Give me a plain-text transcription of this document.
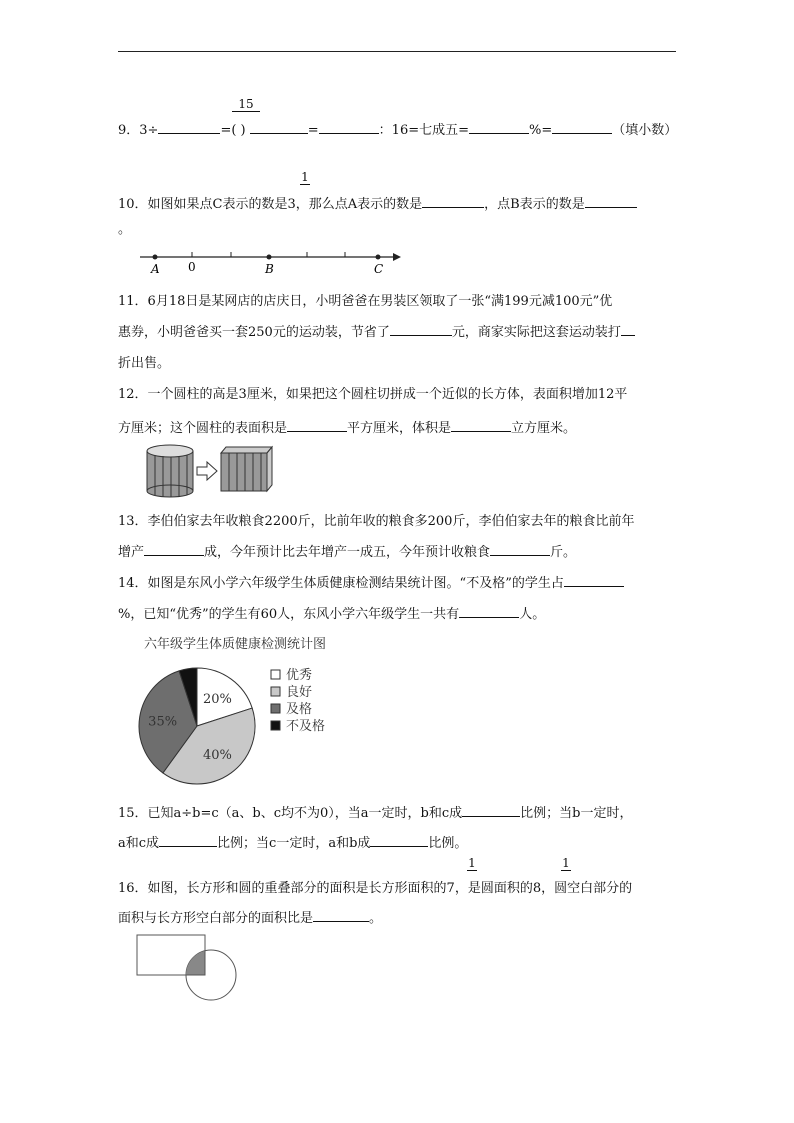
15
9．3÷	=( )	=	：16=七成五=	%=	（填小数）
1
10．如图如果点C表示的数是3，那么点A表示的数是	，点B表示的数是
。
A 0	B	C
11．6月18日是某网店的店庆日，小明爸爸在男装区领取了一张“满199元减100元”优
惠券，小明爸爸买一套250元的运动装，节省了	元，商家实际把这套运动装打
折出售。
12．一个圆柱的高是3厘米，如果把这个圆柱切拼成一个近似的长方体，表面积增加12平
方厘米；这个圆柱的表面积是	平方厘米，体积是	立方厘米。
13．李伯伯家去年收粮食2200斤，比前年收的粮食多200斤，李伯伯家去年的粮食比前年
增产	成，今年预计比去年增产一成五，今年预计收粮食	斤。
14．如图是东风小学六年级学生体质健康检测结果统计图。“不及格”的学生占
%，已知“优秀”的学生有60人，东风小学六年级学生一共有	人。
六年级学生体质健康检测统计图
20%
40%
35%
优秀
良好
及格
不及格
15．已知a÷b=c（a、b、c均不为0），当a一定时，b和c成	比例；当b一定时，
a和c成	比例；当c一定时，a和b成	比例。
1	1
16．如图，长方形和圆的重叠部分的面积是长方形面积的7，是圆面积的8，圆空白部分的
面积与长方形空白部分的面积比是	。
